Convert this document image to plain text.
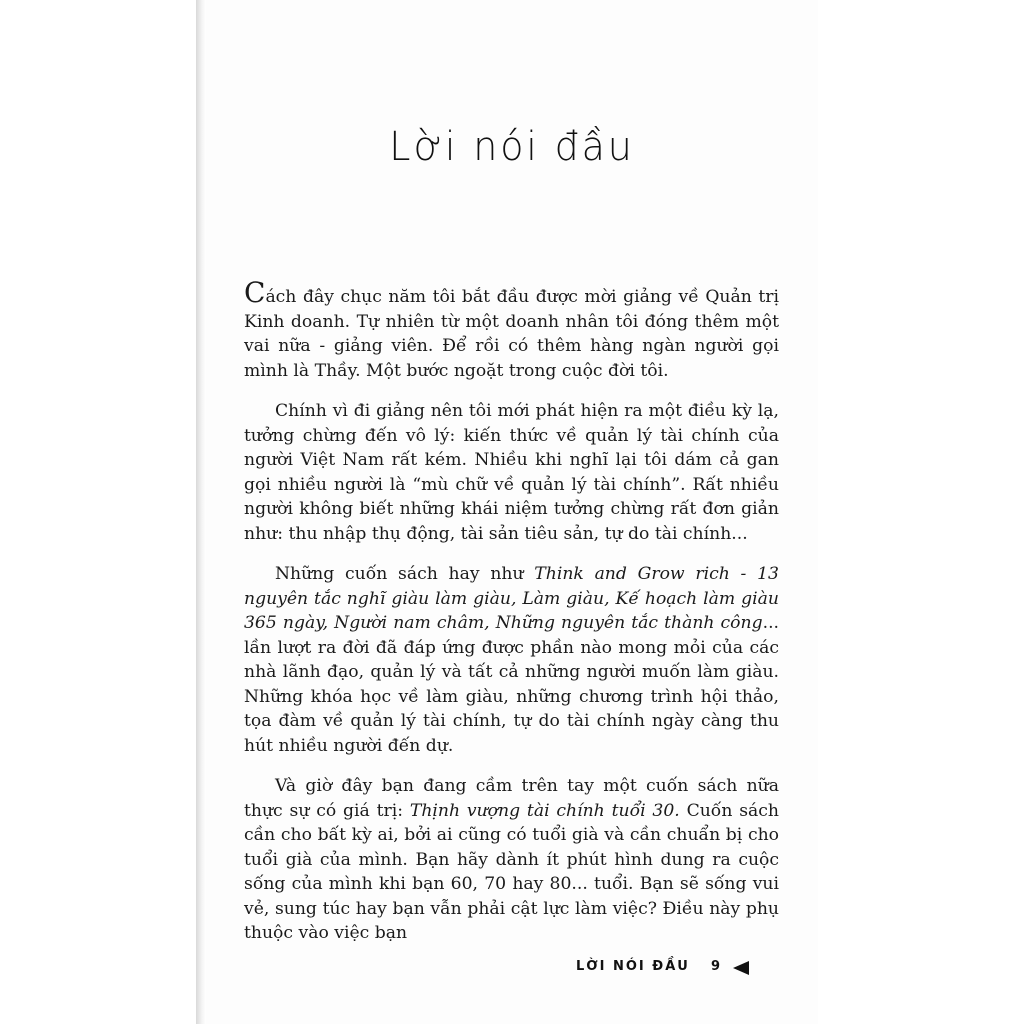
Lời nói đầu

Cách đây chục năm tôi bắt đầu được mời giảng về Quản trị Kinh doanh. Tự nhiên từ một doanh nhân tôi đóng thêm một vai nữa - giảng viên. Để rồi có thêm hàng ngàn người gọi mình là Thầy. Một bước ngoặt trong cuộc đời tôi.

Chính vì đi giảng nên tôi mới phát hiện ra một điều kỳ lạ, tưởng chừng đến vô lý: kiến thức về quản lý tài chính của người Việt Nam rất kém. Nhiều khi nghĩ lại tôi dám cả gan gọi nhiều người là “mù chữ về quản lý tài chính”. Rất nhiều người không biết những khái niệm tưởng chừng rất đơn giản như: thu nhập thụ động, tài sản tiêu sản, tự do tài chính...

Những cuốn sách hay như Think and Grow rich - 13 nguyên tắc nghĩ giàu làm giàu, Làm giàu, Kế hoạch làm giàu 365 ngày, Người nam châm, Những nguyên tắc thành công... lần lượt ra đời đã đáp ứng được phần nào mong mỏi của các nhà lãnh đạo, quản lý và tất cả những người muốn làm giàu. Những khóa học về làm giàu, những chương trình hội thảo, tọa đàm về quản lý tài chính, tự do tài chính ngày càng thu hút nhiều người đến dự.

Và giờ đây bạn đang cầm trên tay một cuốn sách nữa thực sự có giá trị: Thịnh vượng tài chính tuổi 30. Cuốn sách cần cho bất kỳ ai, bởi ai cũng có tuổi già và cần chuẩn bị cho tuổi già của mình. Bạn hãy dành ít phút hình dung ra cuộc sống của mình khi bạn 60, 70 hay 80... tuổi. Bạn sẽ sống vui vẻ, sung túc hay bạn vẫn phải cật lực làm việc? Điều này phụ thuộc vào việc bạn

LỜI NÓI ĐẦU 9
